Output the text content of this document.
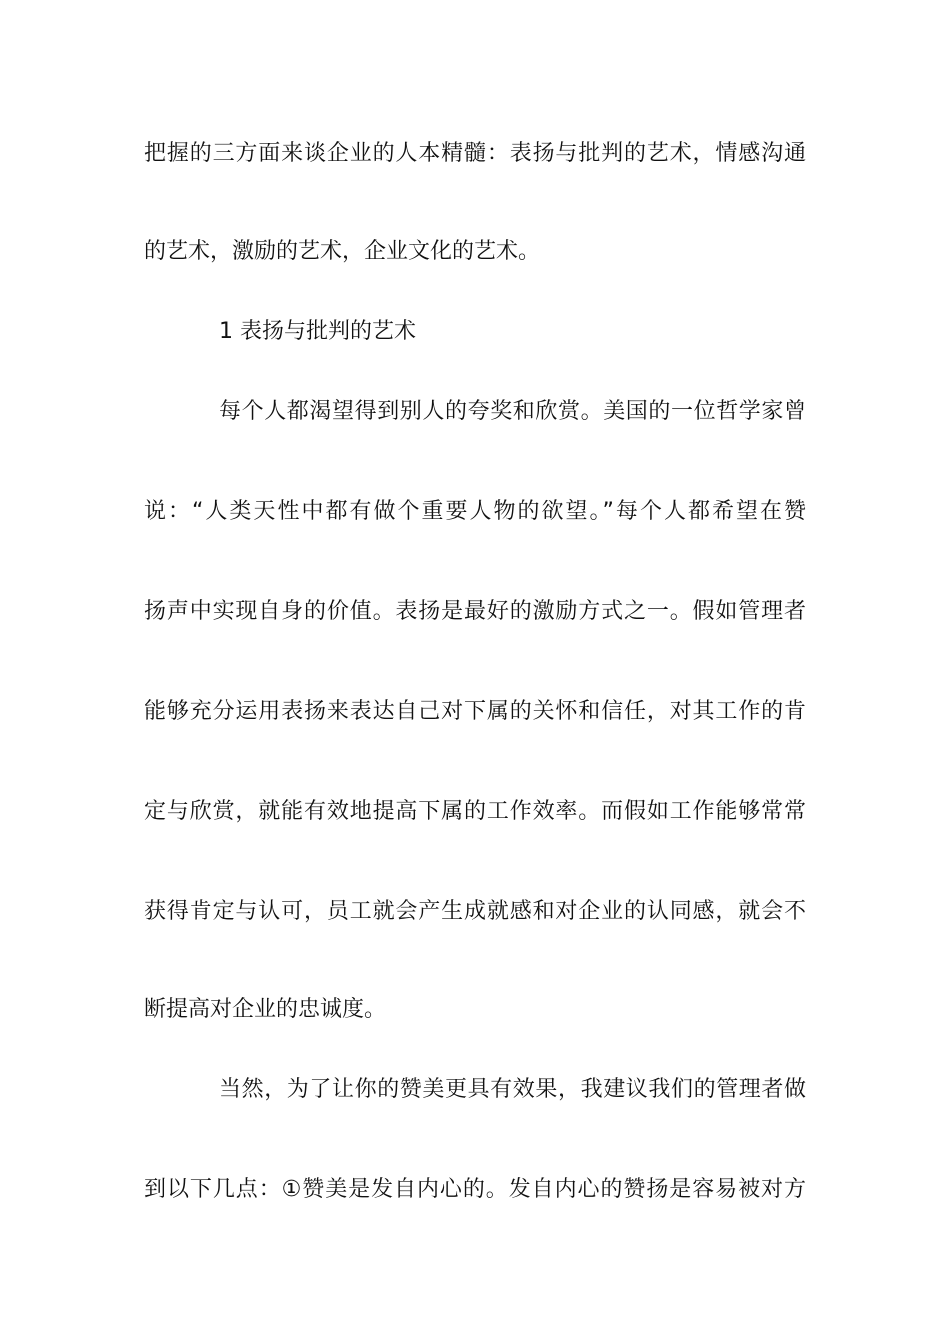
把握的三方面来谈企业的人本精髓：表扬与批判的艺术，情感沟通
的艺术，激励的艺术，企业文化的艺术。
1 表扬与批判的艺术
每个人都渴望得到别人的夸奖和欣赏。美国的一位哲学家曾
说：“人类天性中都有做个重要人物的欲望。”每个人都希望在赞
扬声中实现自身的价值。表扬是最好的激励方式之一。假如管理者
能够充分运用表扬来表达自己对下属的关怀和信任，对其工作的肯
定与欣赏，就能有效地提高下属的工作效率。而假如工作能够常常
获得肯定与认可，员工就会产生成就感和对企业的认同感，就会不
断提高对企业的忠诚度。
当然，为了让你的赞美更具有效果，我建议我们的管理者做
到以下几点：①赞美是发自内心的。发自内心的赞扬是容易被对方
